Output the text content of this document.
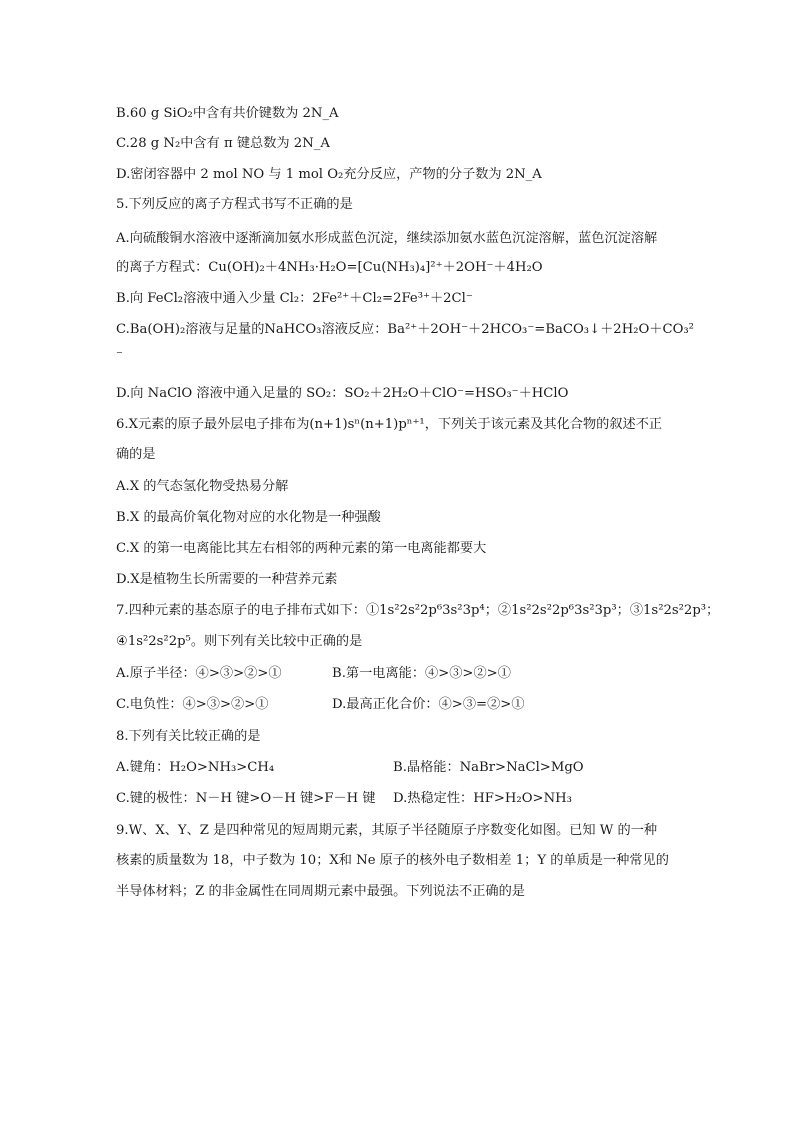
B.60 g SiO₂中含有共价键数为 2N_A
C.28 g N₂中含有 π 键总数为 2N_A
D.密闭容器中 2 mol NO 与 1 mol O₂充分反应，产物的分子数为 2N_A
5.下列反应的离子方程式书写不正确的是
A.向硫酸铜水溶液中逐渐滴加氨水形成蓝色沉淀，继续添加氨水蓝色沉淀溶解，蓝色沉淀溶解
的离子方程式：Cu(OH)₂＋4NH₃·H₂O=[Cu(NH₃)₄]²⁺＋2OH⁻＋4H₂O
B.向 FeCl₂溶液中通入少量 Cl₂：2Fe²⁺＋Cl₂=2Fe³⁺＋2Cl⁻
C.Ba(OH)₂溶液与足量的NaHCO₃溶液反应：Ba²⁺＋2OH⁻＋2HCO₃⁻=BaCO₃↓＋2H₂O＋CO₃²
⁻
D.向 NaClO 溶液中通入足量的 SO₂：SO₂＋2H₂O＋ClO⁻=HSO₃⁻＋HClO
6.X元素的原子最外层电子排布为(n+1)sⁿ(n+1)pⁿ⁺¹，下列关于该元素及其化合物的叙述不正
确的是
A.X 的气态氢化物受热易分解
B.X 的最高价氧化物对应的水化物是一种强酸
C.X 的第一电离能比其左右相邻的两种元素的第一电离能都要大
D.X是植物生长所需要的一种营养元素
7.四种元素的基态原子的电子排布式如下：①1s²2s²2p⁶3s²3p⁴；②1s²2s²2p⁶3s²3p³；③1s²2s²2p³；
④1s²2s²2p⁵。则下列有关比较中正确的是
A.原子半径：④>③>②>①	B.第一电离能：④>③>②>①
C.电负性：④>③>②>①	D.最高正化合价：④>③=②>①
8.下列有关比较正确的是
A.键角：H₂O>NH₃>CH₄	B.晶格能：NaBr>NaCl>MgO
C.键的极性：N－H 键>O－H 键>F－H 键 D.热稳定性：HF>H₂O>NH₃
9.W、X、Y、Z 是四种常见的短周期元素，其原子半径随原子序数变化如图。已知 W 的一种
核素的质量数为 18，中子数为 10；X和 Ne 原子的核外电子数相差 1；Y 的单质是一种常见的
半导体材料；Z 的非金属性在同周期元素中最强。下列说法不正确的是
